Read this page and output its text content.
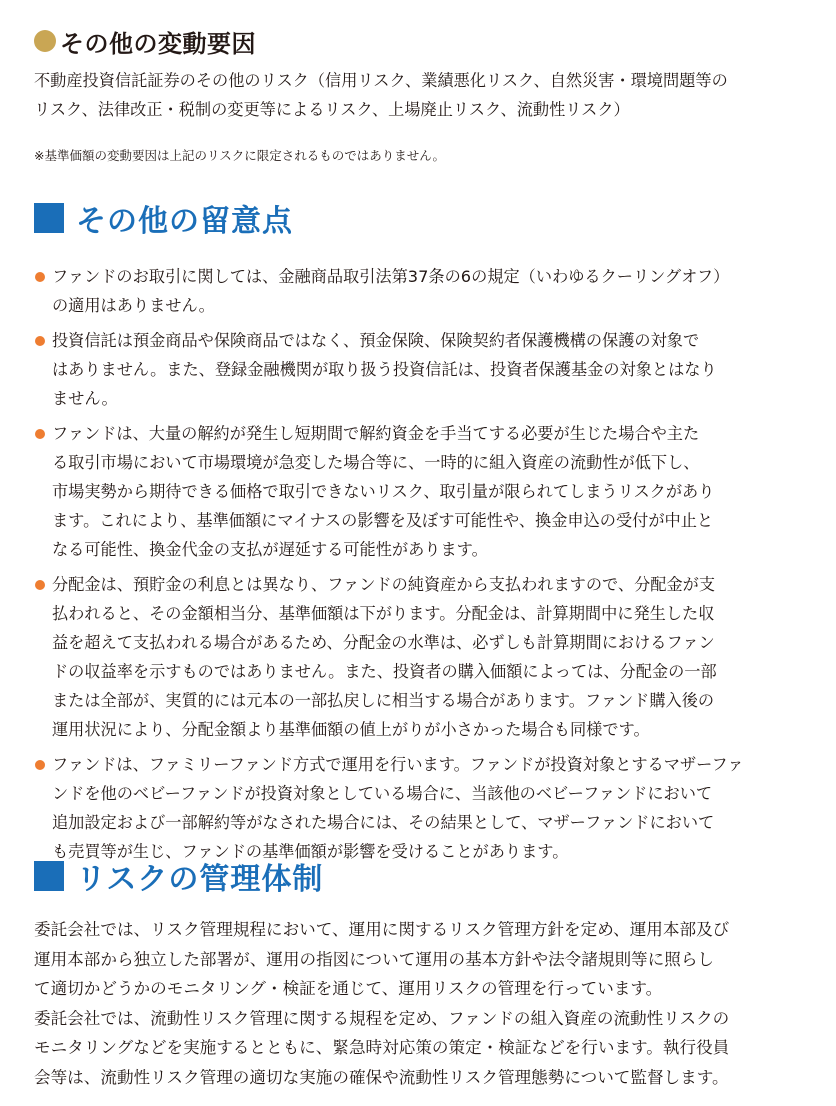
その他の変動要因
不動産投資信託証券のその他のリスク（信用リスク、業績悪化リスク、自然災害・環境問題等の
リスク、法律改正・税制の変更等によるリスク、上場廃止リスク、流動性リスク）
※基準価額の変動要因は上記のリスクに限定されるものではありません。
その他の留意点
ファンドのお取引に関しては、金融商品取引法第37条の6の規定（いわゆるクーリングオフ）
の適用はありません。
投資信託は預金商品や保険商品ではなく、預金保険、保険契約者保護機構の保護の対象で
はありません。また、登録金融機関が取り扱う投資信託は、投資者保護基金の対象とはなり
ません。
ファンドは、大量の解約が発生し短期間で解約資金を手当てする必要が生じた場合や主た
る取引市場において市場環境が急変した場合等に、一時的に組入資産の流動性が低下し、
市場実勢から期待できる価格で取引できないリスク、取引量が限られてしまうリスクがあり
ます。これにより、基準価額にマイナスの影響を及ぼす可能性や、換金申込の受付が中止と
なる可能性、換金代金の支払が遅延する可能性があります。
分配金は、預貯金の利息とは異なり、ファンドの純資産から支払われますので、分配金が支
払われると、その金額相当分、基準価額は下がります。分配金は、計算期間中に発生した収
益を超えて支払われる場合があるため、分配金の水準は、必ずしも計算期間におけるファン
ドの収益率を示すものではありません。また、投資者の購入価額によっては、分配金の一部
または全部が、実質的には元本の一部払戻しに相当する場合があります。ファンド購入後の
運用状況により、分配金額より基準価額の値上がりが小さかった場合も同様です。
ファンドは、ファミリーファンド方式で運用を行います。ファンドが投資対象とするマザーファ
ンドを他のベビーファンドが投資対象としている場合に、当該他のベビーファンドにおいて
追加設定および一部解約等がなされた場合には、その結果として、マザーファンドにおいて
も売買等が生じ、ファンドの基準価額が影響を受けることがあります。
リスクの管理体制
委託会社では、リスク管理規程において、運用に関するリスク管理方針を定め、運用本部及び
運用本部から独立した部署が、運用の指図について運用の基本方針や法令諸規則等に照らし
て適切かどうかのモニタリング・検証を通じて、運用リスクの管理を行っています。
委託会社では、流動性リスク管理に関する規程を定め、ファンドの組入資産の流動性リスクの
モニタリングなどを実施するとともに、緊急時対応策の策定・検証などを行います。執行役員
会等は、流動性リスク管理の適切な実施の確保や流動性リスク管理態勢について監督します。
